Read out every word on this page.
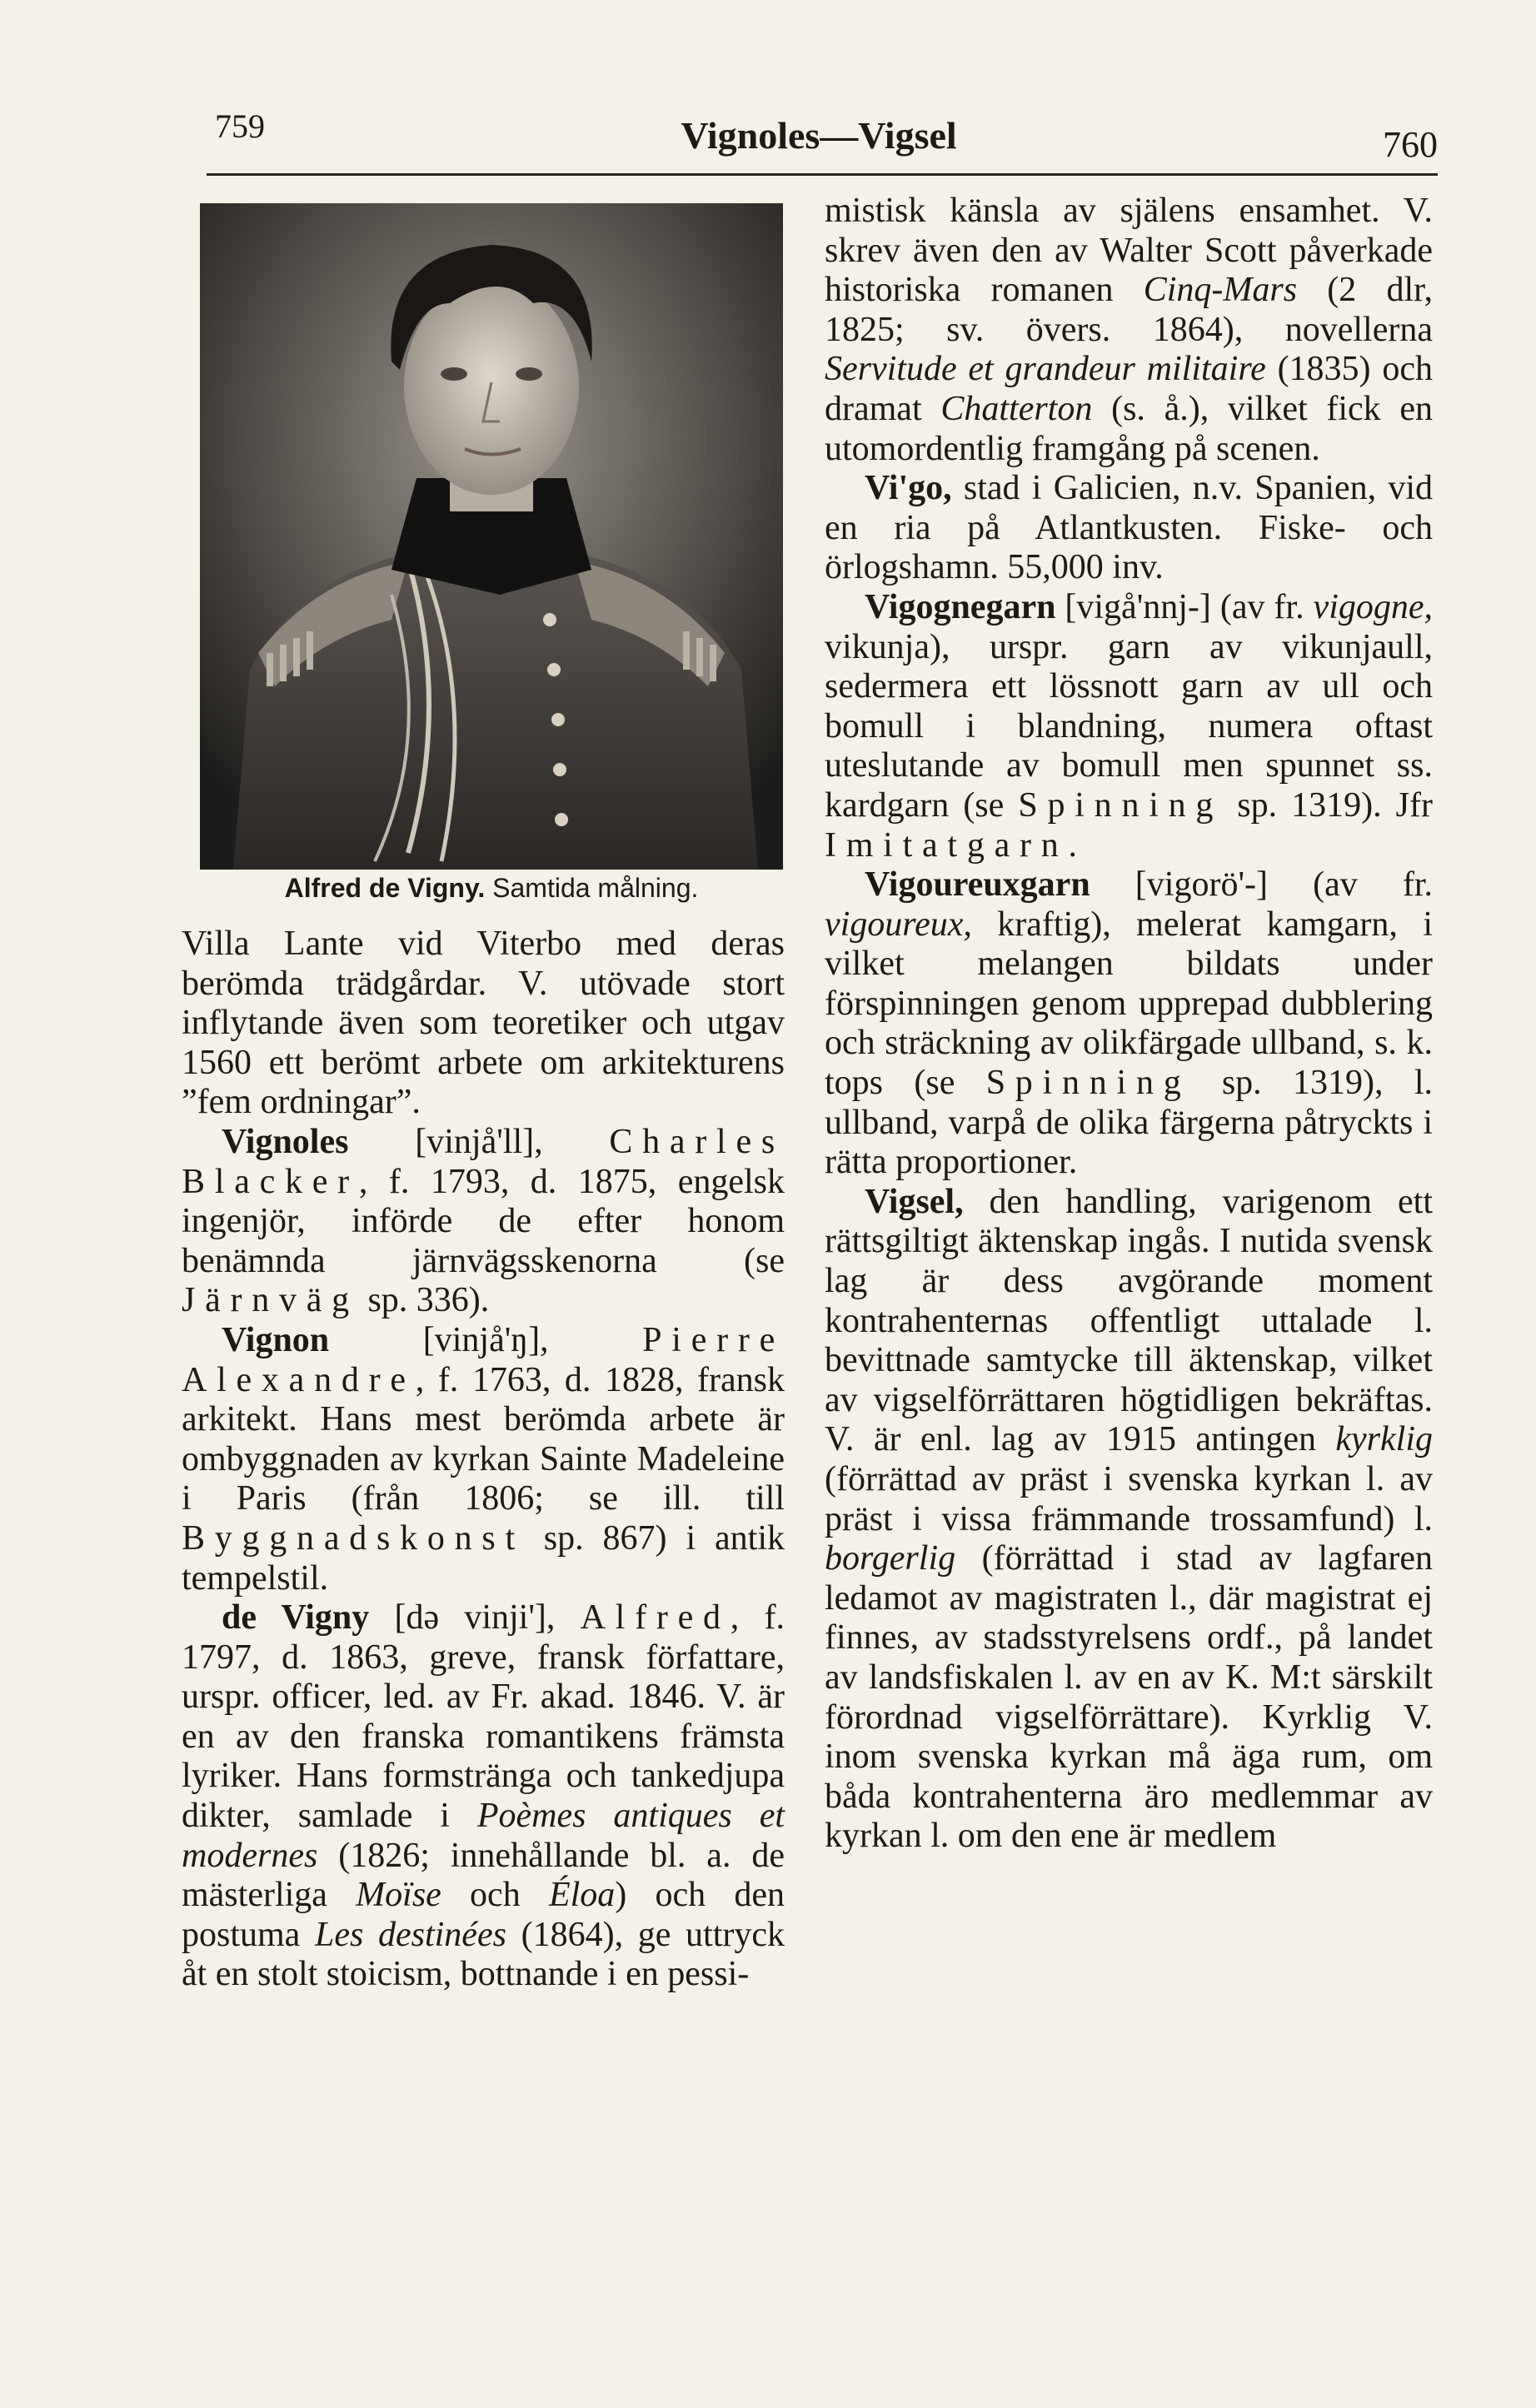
759	Vignoles—Vigsel	760
Alfred de Vigny. Samtida målning.

Villa Lante vid Viterbo med deras berömda trädgårdar. V. utövade stort inflytande även som teoretiker och utgav 1560 ett berömt arbete om arkitekturens ”fem ordningar”.

Vignoles [vinjå'll], Charles Blacker, f. 1793, d. 1875, engelsk ingenjör, införde de efter honom benämnda järnvägsskenorna (se Järnväg sp. 336).

Vignon [vinjå'ŋ], Pierre Alexandre, f. 1763, d. 1828, fransk arkitekt. Hans mest berömda arbete är ombyggnaden av kyrkan Sainte Madeleine i Paris (från 1806; se ill. till Byggnadskonst sp. 867) i antik tempelstil.

de Vigny [də vinji'], Alfred, f. 1797, d. 1863, greve, fransk författare, urspr. officer, led. av Fr. akad. 1846. V. är en av den franska romantikens främsta lyriker. Hans formstränga och tankedjupa dikter, samlade i Poèmes antiques et modernes (1826; innehållande bl. a. de mästerliga Moïse och Éloa) och den postuma Les destinées (1864), ge uttryck åt en stolt stoicism, bottnande i en pessi-

mistisk känsla av själens ensamhet. V. skrev även den av Walter Scott påverkade historiska romanen Cinq-Mars (2 dlr, 1825; sv. övers. 1864), novellerna Servitude et grandeur militaire (1835) och dramat Chatterton (s. å.), vilket fick en utomordentlig framgång på scenen.

Vi'go, stad i Galicien, n.v. Spanien, vid en ria på Atlantkusten. Fiske- och örlogshamn. 55,000 inv.

Vigognegarn [vigå'nnj-] (av fr. vigogne, vikunja), urspr. garn av vikunjaull, sedermera ett lössnott garn av ull och bomull i blandning, numera oftast uteslutande av bomull men spunnet ss. kardgarn (se Spinning sp. 1319). Jfr Imitatgarn.

Vigoureuxgarn [vigorö'-] (av fr. vigoureux, kraftig), melerat kamgarn, i vilket melangen bildats under förspinningen genom upprepad dubblering och sträckning av olikfärgade ullband, s. k. tops (se Spinning sp. 1319), l. ullband, varpå de olika färgerna påtryckts i rätta proportioner.

Vigsel, den handling, varigenom ett rättsgiltigt äktenskap ingås. I nutida svensk lag är dess avgörande moment kontrahenternas offentligt uttalade l. bevittnade samtycke till äktenskap, vilket av vigselförrättaren högtidligen bekräftas. V. är enl. lag av 1915 antingen kyrklig (förrättad av präst i svenska kyrkan l. av präst i vissa främmande trossamfund) l. borgerlig (förrättad i stad av lagfaren ledamot av magistraten l., där magistrat ej finnes, av stadsstyrelsens ordf., på landet av landsfiskalen l. av en av K. M:t särskilt förordnad vigselförrättare). Kyrklig V. inom svenska kyrkan må äga rum, om båda kontrahenterna äro medlemmar av kyrkan l. om den ene är medlem
